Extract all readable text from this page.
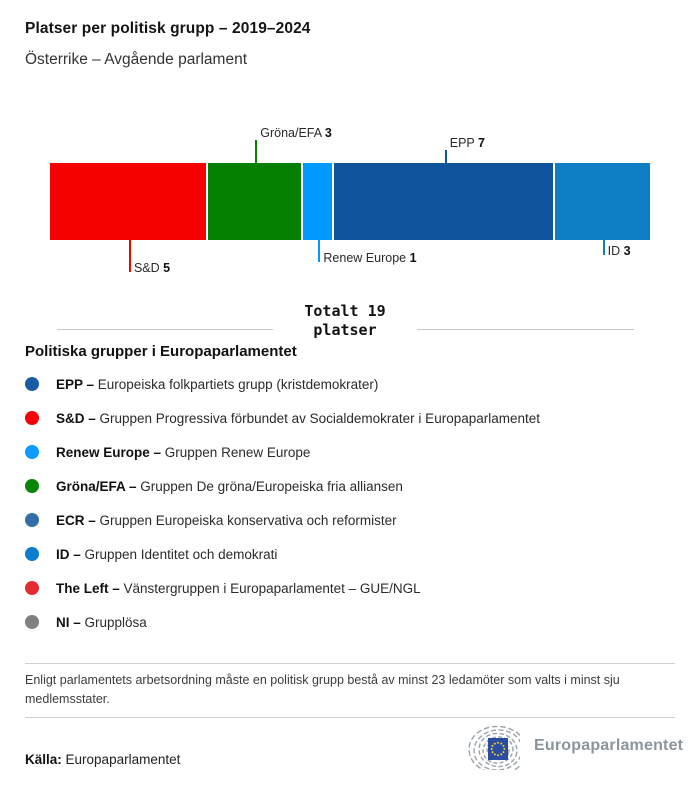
Platser per politisk grupp – 2019–2024
Österrike – Avgående parlament
S&D 5
Gröna/EFA 3
Renew Europe 1
EPP 7
ID 3
Totalt 19
platser
Politiska grupper i Europaparlamentet
EPP – Europeiska folkpartiets grupp (kristdemokrater)
S&D – Gruppen Progressiva förbundet av Socialdemokrater i Europaparlamentet
Renew Europe – Gruppen Renew Europe
Gröna/EFA – Gruppen De gröna/Europeiska fria alliansen
ECR – Gruppen Europeiska konservativa och reformister
ID – Gruppen Identitet och demokrati
The Left – Vänstergruppen i Europaparlamentet – GUE/NGL
NI – Grupplösa
Enligt parlamentets arbetsordning måste en politisk grupp bestå av minst 23 ledamöter som valts i minst sju medlemsstater.
Källa: Europaparlamentet
Europaparlamentet
